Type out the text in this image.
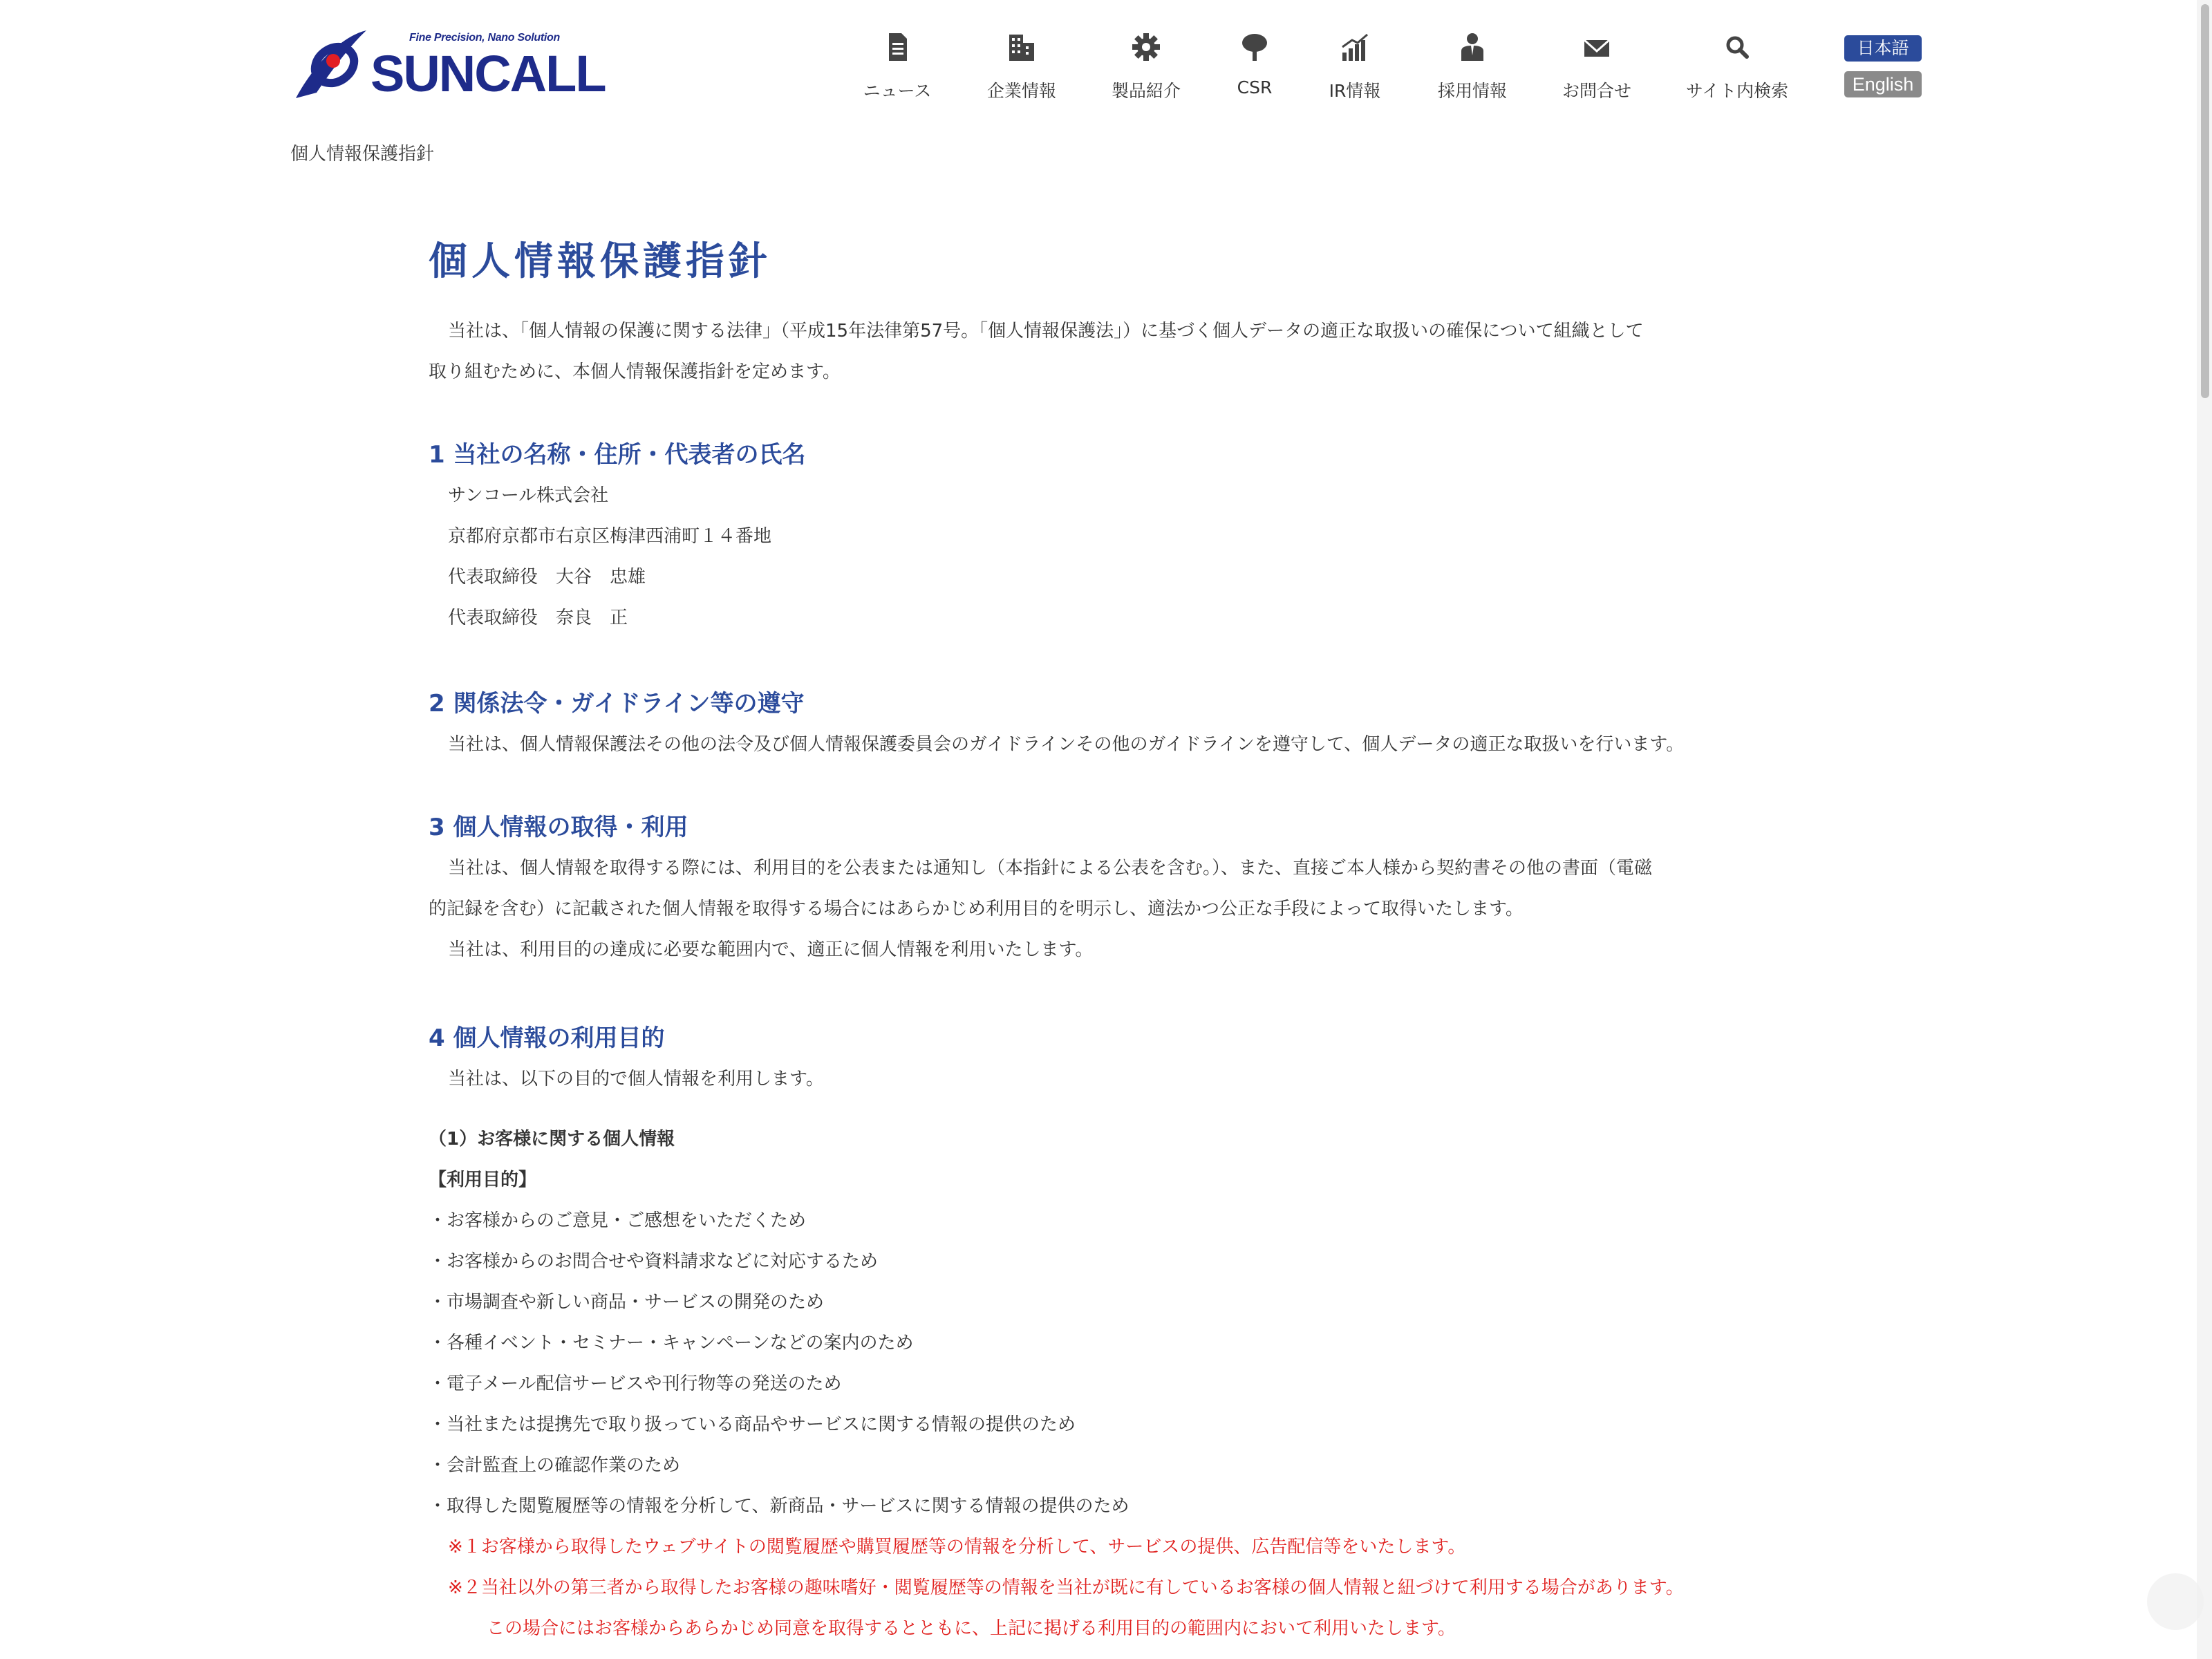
Fine Precision, Nano Solution
SUNCALL	ニュース	企業情報	製品紹介	CSR	IR情報	採用情報	お問合せ	サイト内検索
日本語
English
個人情報保護指針
個人情報保護指針

当社は、「個人情報の保護に関する法律」（平成15年法律第57号。「個人情報保護法」）に基づく個人データの適正な取扱いの確保について組織として

取り組むために、本個人情報保護指針を定めます。

1 当社の名称・住所・代表者の氏名
サンコール株式会社
京都府京都市右京区梅津西浦町１４番地
代表取締役　大谷　忠雄
代表取締役　奈良　正
2 関係法令・ガイドライン等の遵守
当社は、個人情報保護法その他の法令及び個人情報保護委員会のガイドラインその他のガイドラインを遵守して、個人データの適正な取扱いを行います。
3 個人情報の取得・利用

当社は、個人情報を取得する際には、利用目的を公表または通知し（本指針による公表を含む。）、また、直接ご本人様から契約書その他の書面（電磁

的記録を含む）に記載された個人情報を取得する場合にはあらかじめ利用目的を明示し、適法かつ公正な手段によって取得いたします。

当社は、利用目的の達成に必要な範囲内で、適正に個人情報を利用いたします。
4 個人情報の利用目的
当社は、以下の目的で個人情報を利用します。
（1）お客様に関する個人情報
【利用目的】
・お客様からのご意見・ご感想をいただくため
・お客様からのお問合せや資料請求などに対応するため
・市場調査や新しい商品・サービスの開発のため
・各種イベント・セミナー・キャンペーンなどの案内のため
・電子メール配信サービスや刊行物等の発送のため
・当社または提携先で取り扱っている商品やサービスに関する情報の提供のため
・会計監査上の確認作業のため
・取得した閲覧履歴等の情報を分析して、新商品・サービスに関する情報の提供のため
※１お客様から取得したウェブサイトの閲覧履歴や購買履歴等の情報を分析して、サービスの提供、広告配信等をいたします。
※２当社以外の第三者から取得したお客様の趣味嗜好・閲覧履歴等の情報を当社が既に有しているお客様の個人情報と紐づけて利用する場合があります。
この場合にはお客様からあらかじめ同意を取得するとともに、上記に掲げる利用目的の範囲内において利用いたします。
